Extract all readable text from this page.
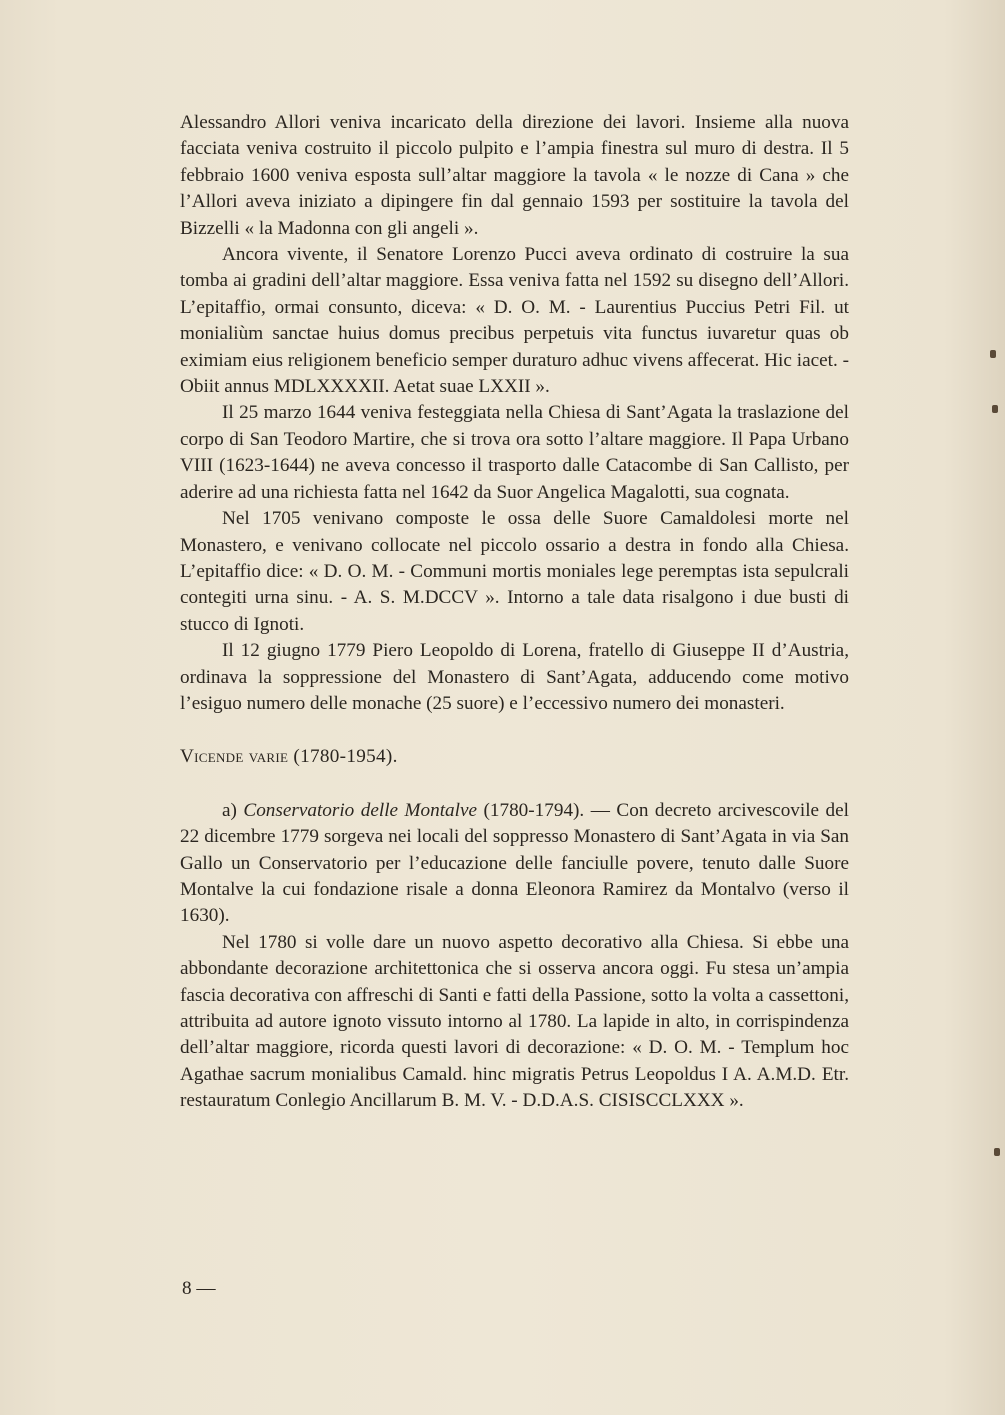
Alessandro Allori veniva incaricato della direzione dei lavori. Insieme alla nuova facciata veniva costruito il piccolo pulpito e l’ampia finestra sul muro di destra. Il 5 febbraio 1600 veniva esposta sull’altar maggiore la tavola « le nozze di Cana » che l’Allori aveva iniziato a dipingere fin dal gennaio 1593 per sostituire la tavola del Bizzelli « la Madonna con gli angeli ».

Ancora vivente, il Senatore Lorenzo Pucci aveva ordinato di costruire la sua tomba ai gradini dell’altar maggiore. Essa veniva fatta nel 1592 su disegno dell’Allori. L’epitaffio, ormai consunto, diceva: « D. O. M. - Laurentius Puccius Petri Fil. ut monialiùm sanctae huius domus precibus perpetuis vita functus iuvaretur quas ob eximiam eius religionem beneficio semper duraturo adhuc vivens affecerat. Hic iacet. - Obiit annus MDLXXXXII. Aetat suae LXXII ».

Il 25 marzo 1644 veniva festeggiata nella Chiesa di Sant’Agata la traslazione del corpo di San Teodoro Martire, che si trova ora sotto l’altare maggiore. Il Papa Urbano VIII (1623-1644) ne aveva concesso il trasporto dalle Catacombe di San Callisto, per aderire ad una richiesta fatta nel 1642 da Suor Angelica Magalotti, sua cognata.

Nel 1705 venivano composte le ossa delle Suore Camaldolesi morte nel Monastero, e venivano collocate nel piccolo ossario a destra in fondo alla Chiesa. L’epitaffio dice: « D. O. M. - Communi mortis moniales lege peremptas ista sepulcrali contegiti urna sinu. - A. S. M.DCCV ». Intorno a tale data risalgono i due busti di stucco di Ignoti.

Il 12 giugno 1779 Piero Leopoldo di Lorena, fratello di Giuseppe II d’Austria, ordinava la soppressione del Monastero di Sant’Agata, adducendo come motivo l’esiguo numero delle monache (25 suore) e l’eccessivo numero dei monasteri.

Vicende varie (1780-1954).

a) Conservatorio delle Montalve (1780-1794). — Con decreto arcivescovile del 22 dicembre 1779 sorgeva nei locali del soppresso Monastero di Sant’Agata in via San Gallo un Conservatorio per l’educazione delle fanciulle povere, tenuto dalle Suore Montalve la cui fondazione risale a donna Eleonora Ramirez da Montalvo (verso il 1630).

Nel 1780 si volle dare un nuovo aspetto decorativo alla Chiesa. Si ebbe una abbondante decorazione architettonica che si osserva ancora oggi. Fu stesa un’ampia fascia decorativa con affreschi di Santi e fatti della Passione, sotto la volta a cassettoni, attribuita ad autore ignoto vissuto intorno al 1780. La lapide in alto, in corrispindenza dell’altar maggiore, ricorda questi lavori di decorazione: « D. O. M. - Templum hoc Agathae sacrum monialibus Camald. hinc migratis Petrus Leopoldus I A. A.M.D. Etr. restauratum Conlegio Ancillarum B. M. V. - D.D.A.S. CISISCCLXXX ».

8 —
